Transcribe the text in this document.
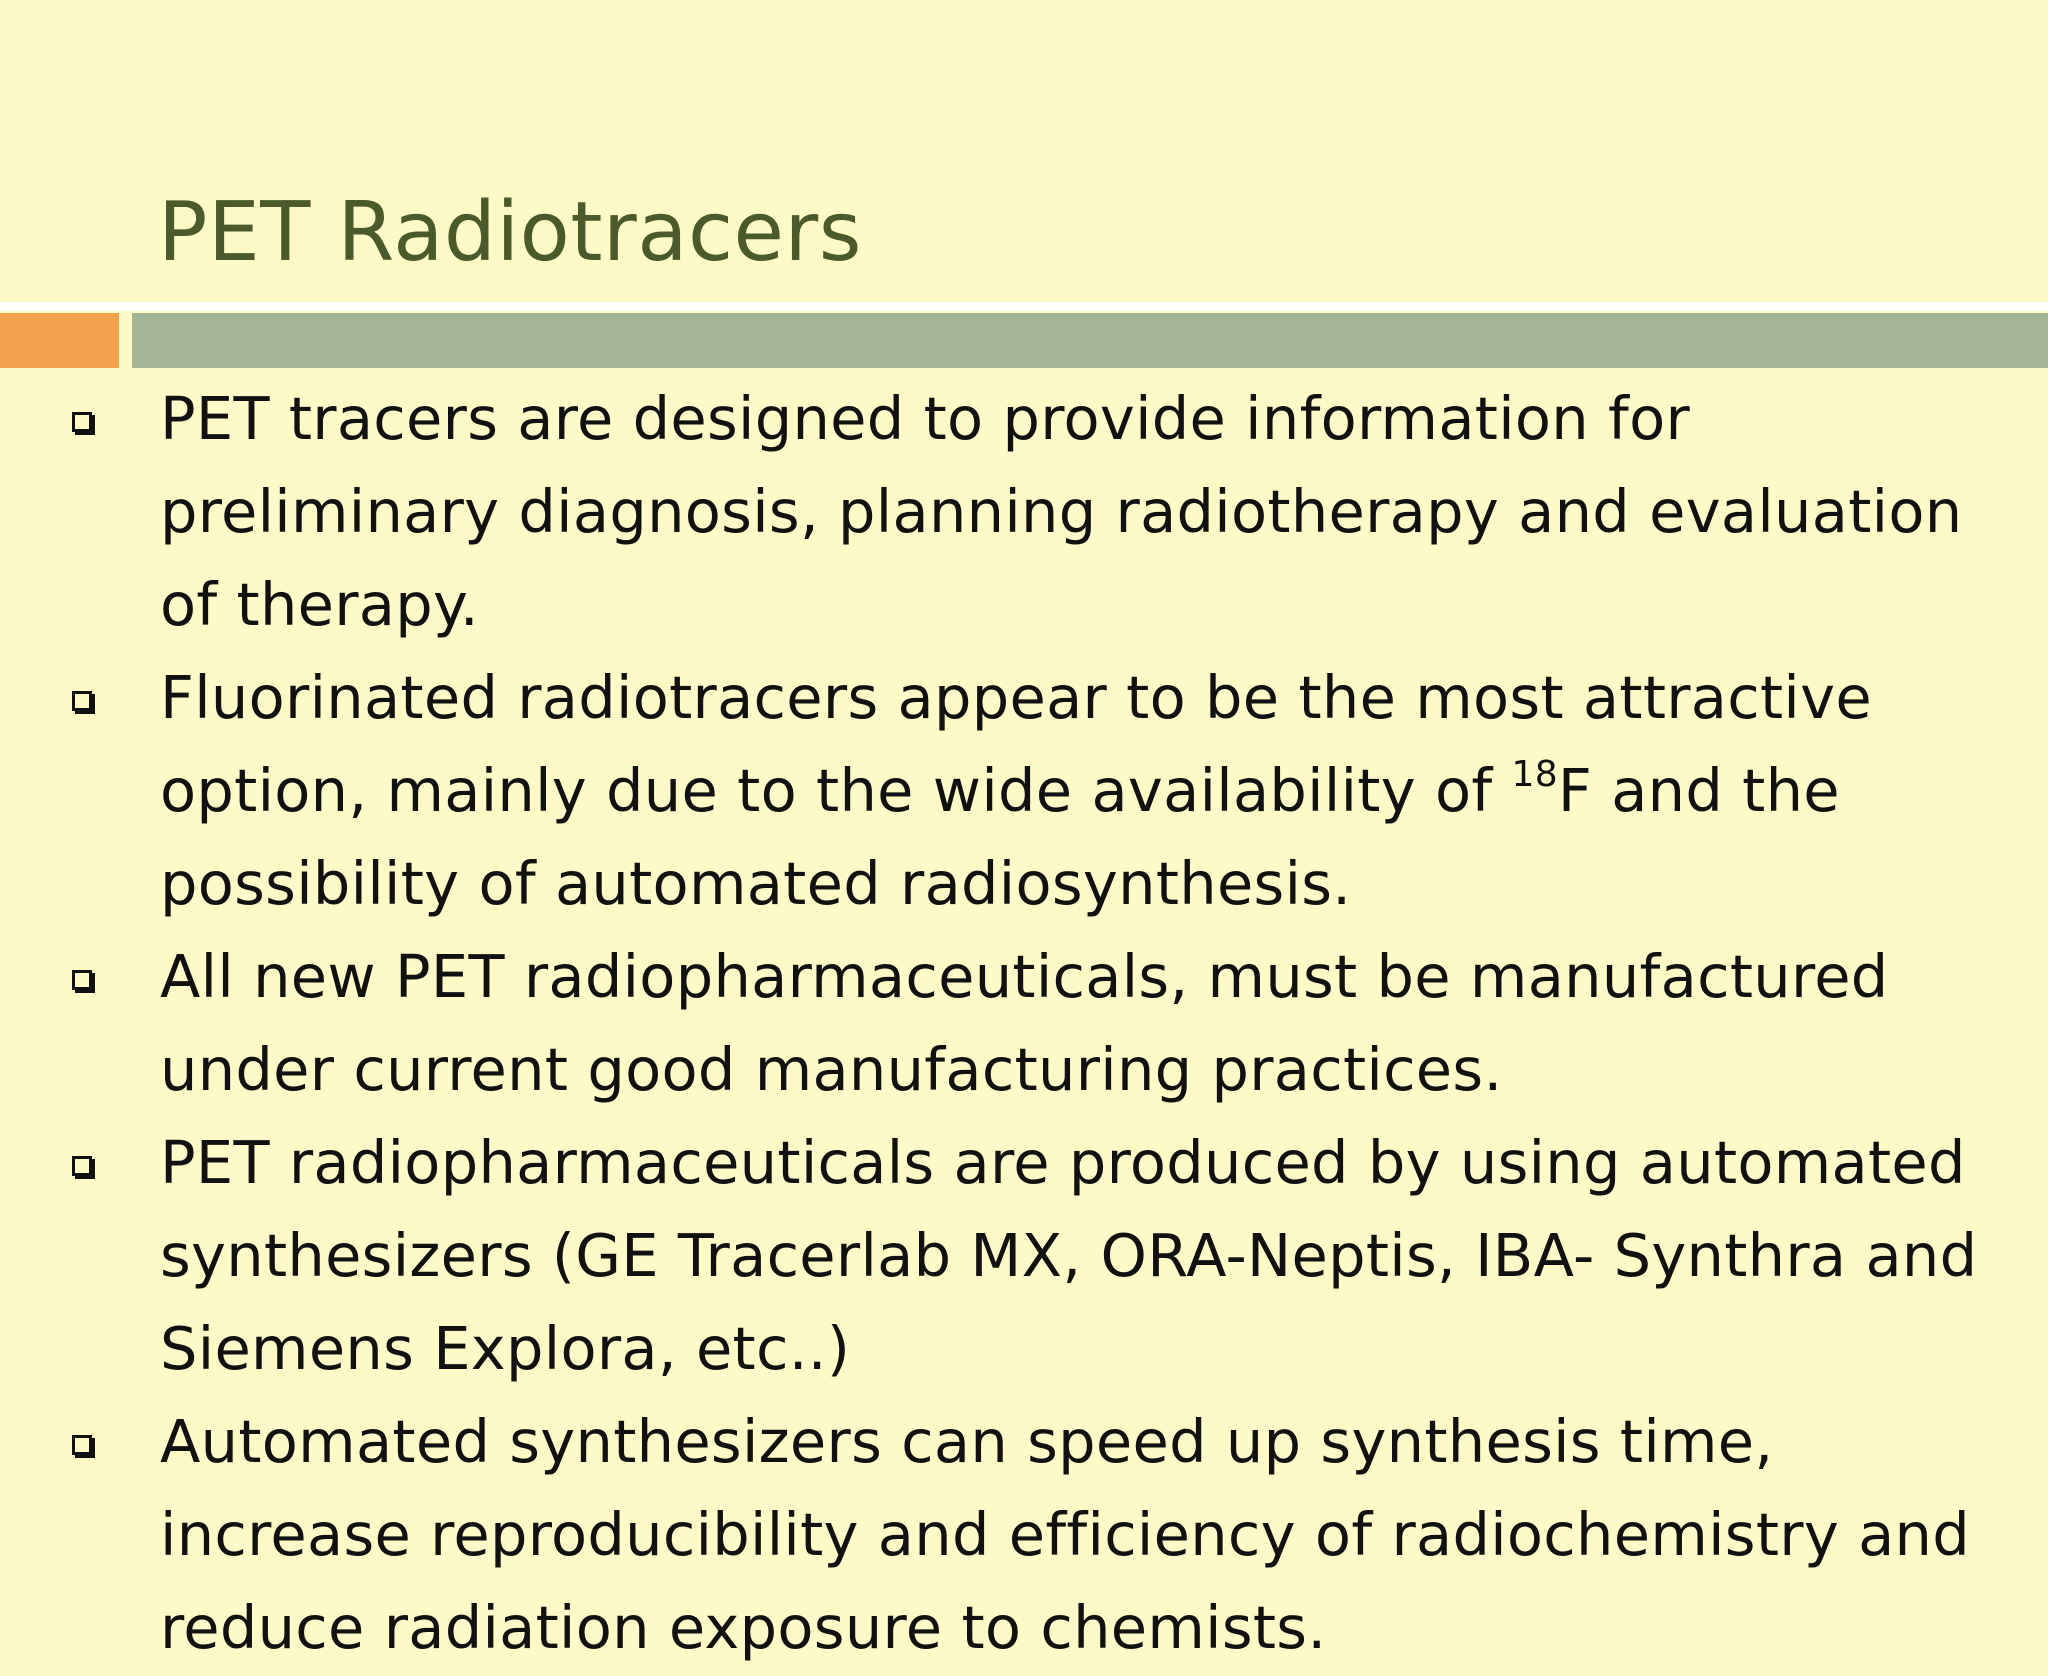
PET Radiotracers
PET tracers are designed to provide information for preliminary diagnosis, planning radiotherapy and evaluation of therapy.
Fluorinated radiotracers appear to be the most attractive option, mainly due to the wide availability of $^{18}$F and the possibility of automated radiosynthesis.
All new PET radiopharmaceuticals, must be manufactured under current good manufacturing practices.
PET radiopharmaceuticals are produced by using automated synthesizers (GE Tracerlab MX, ORA-Neptis, IBA- Synthra and Siemens Explora, etc..)
Automated synthesizers can speed up synthesis time, increase reproducibility and efficiency of radiochemistry and reduce radiation exposure to chemists.
